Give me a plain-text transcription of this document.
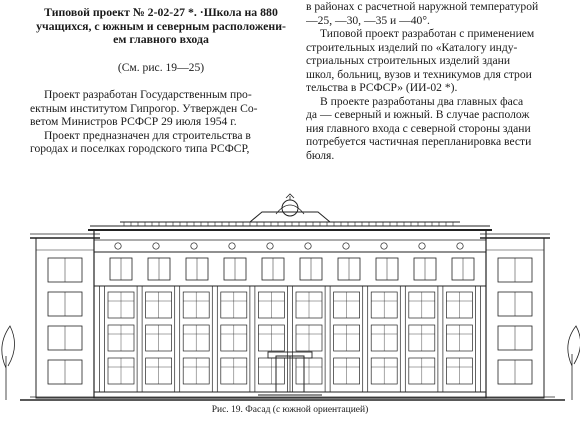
Типовой проект № 2-02-27 *. ·Школа на 880
учащихся, с южным и северным расположени-
ем главного входа
(См. рис. 19—25)
Проект разработан Государственным про-
ектным институтом Гипрогор. Утвержден Со-
ветом Министров РСФСР 29 июля 1954 г.
Проект предназначен для строительства в
городах и поселках городского типа РСФСР,
в районах с расчетной наружной температурой
—25, —30, —35 и —40°.
Типовой проект разработан с применением
строительных изделий по «Каталогу инду-
стриальных строительных изделий здани
школ, больниц, вузов и техникумов для строи
тельства в РСФСР» (ИИ-02 *).
В проекте разработаны два главных фаса
да — северный и южный. В случае располож
ния главного входа с северной стороны здани
потребуется частичная перепланировка вести
бюля.
Рис. 19. Фасад (с южной ориентацией)
